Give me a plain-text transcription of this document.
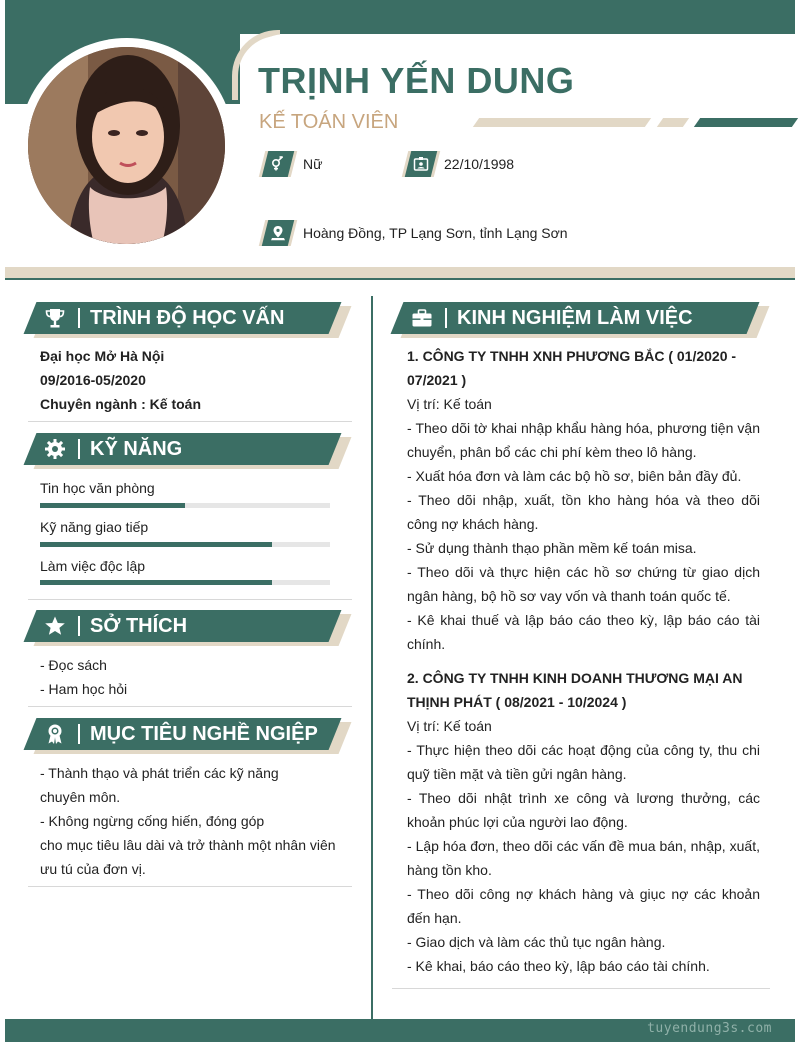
TRỊNH YẾN DUNG
KẾ TOÁN VIÊN
Nữ	22/10/1998
Hoàng Đồng, TP Lạng Sơn, tỉnh Lạng Sơn
TRÌNH ĐỘ HỌC VẤN
Đại học Mở Hà Nội
09/2016-05/2020
Chuyên ngành : Kế toán
KỸ NĂNG
Tin học văn phòng
Kỹ năng giao tiếp
Làm việc độc lập
SỞ THÍCH
- Đọc sách
- Ham học hỏi
MỤC TIÊU NGHỀ NGIỆP
- Thành thạo và phát triển các kỹ năng
chuyên môn.
- Không ngừng cống hiến, đóng góp
cho mục tiêu lâu dài và trở thành một nhân viên
ưu tú của đơn vị.
KINH NGHIỆM LÀM VIỆC
1. CÔNG TY TNHH XNH PHƯƠNG BẮC ( 01/2020 - 07/2021 )
Vị trí: Kế toán
- Theo dõi tờ khai nhập khẩu hàng hóa, phương tiện vận chuyển, phân bổ các chi phí kèm theo lô hàng.
- Xuất hóa đơn và làm các bộ hồ sơ, biên bản đầy đủ.
- Theo dõi nhập, xuất, tồn kho hàng hóa và theo dõi công nợ khách hàng.
- Sử dụng thành thạo phần mềm kế toán misa.
- Theo dõi và thực hiện các hồ sơ chứng từ giao dịch ngân hàng, bộ hồ sơ vay vốn và thanh toán quốc tế.
- Kê khai thuế và lập báo cáo theo kỳ, lập báo cáo tài chính.
2. CÔNG TY TNHH KINH DOANH THƯƠNG MẠI AN THỊNH PHÁT ( 08/2021 - 10/2024 )
Vị trí: Kế toán
- Thực hiện theo dõi các hoạt động của công ty, thu chi quỹ tiền mặt và tiền gửi ngân hàng.
- Theo dõi nhật trình xe công và lương thưởng, các khoản phúc lợi của người lao động.
- Lập hóa đơn, theo dõi các vấn đề mua bán, nhập, xuất, hàng tồn kho.
- Theo dõi công nợ khách hàng và giục nợ các khoản đến hạn.
- Giao dịch và làm các thủ tục ngân hàng.
- Kê khai, báo cáo theo kỳ, lập báo cáo tài chính.
tuyendung3s.com
